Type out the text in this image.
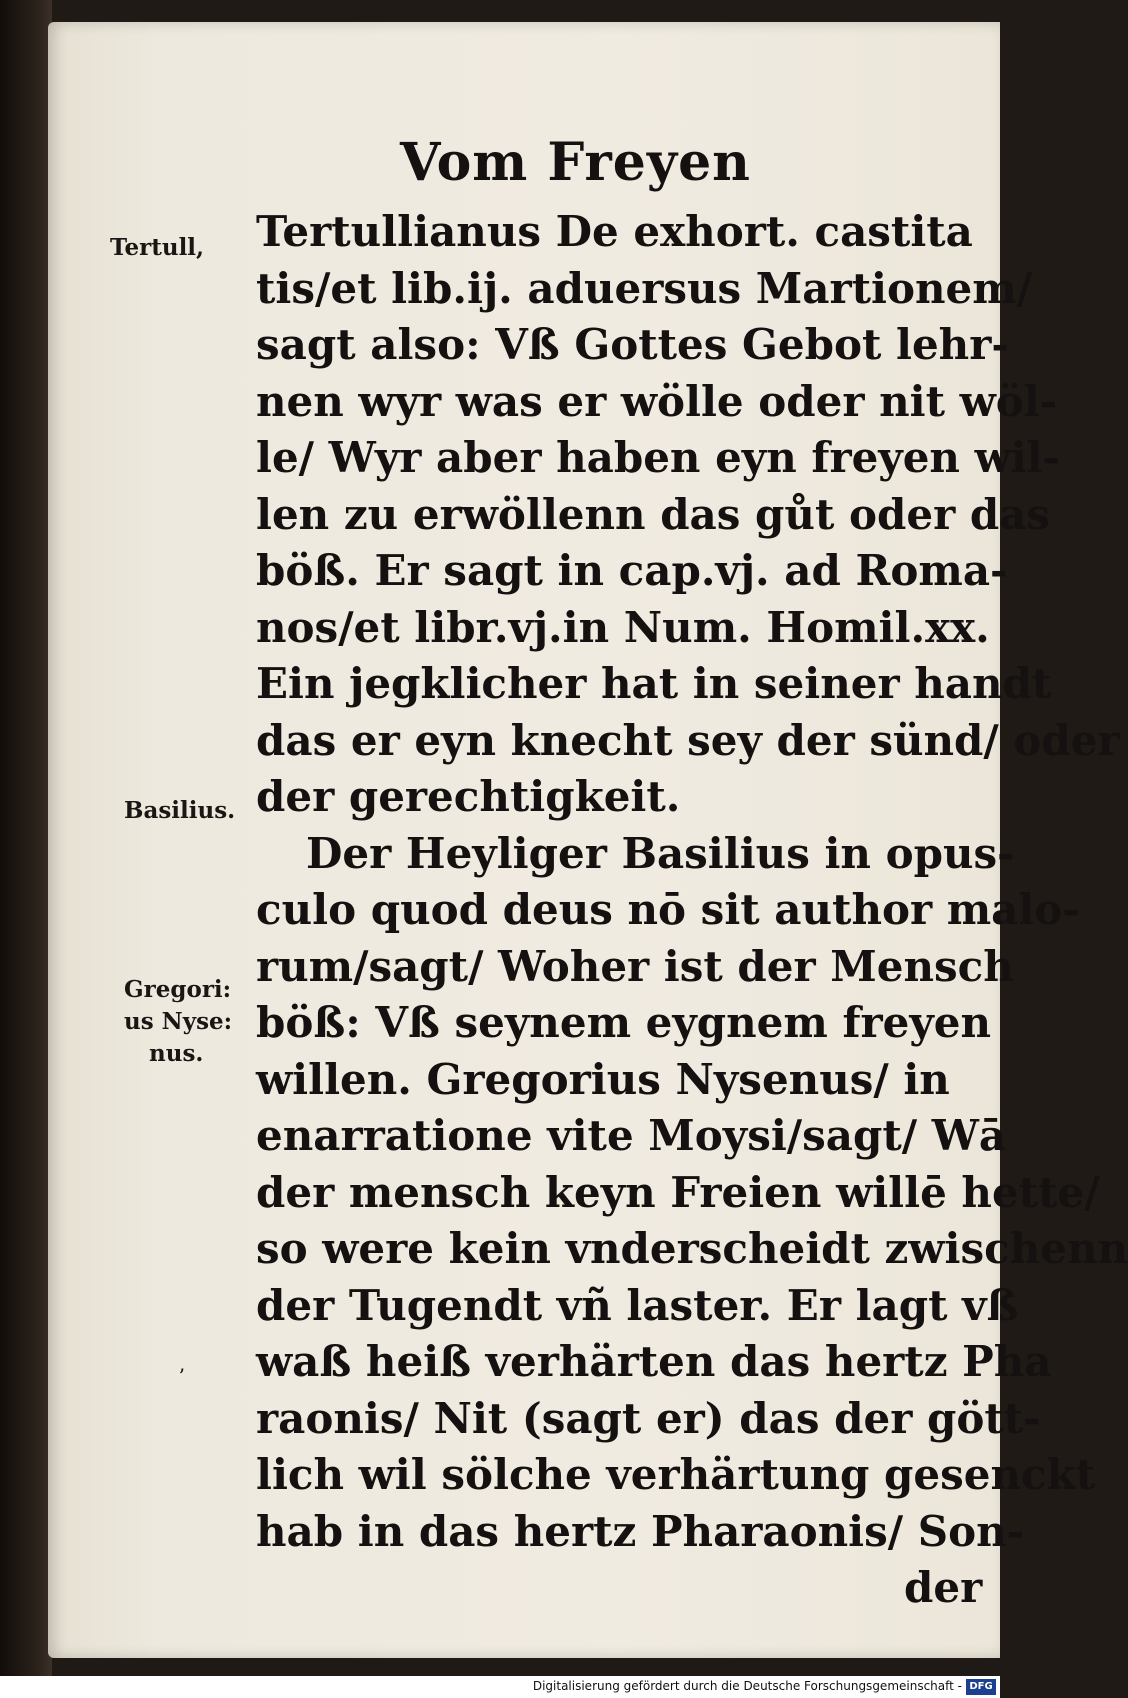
Vom Freyen
Tertull,
Basilius.
Gregori:
us Nyse:
nus.
Tertullianus De exhort. castita
tis/et lib.ij. aduersus Martionem/
sagt also: Vß Gottes Gebot lehr-
nen wyr was er wölle oder nit wöl-
le/ Wyr aber haben eyn freyen wil-
len zu erwöllenn das gůt oder das
böß. Er sagt in cap.vj. ad Roma-
nos/et libr.vj.in Num. Homil.xx.
Ein jegklicher hat in seiner handt
das er eyn knecht sey der sünd/ oder
der gerechtigkeit.
Der Heyliger Basilius in opus-
culo quod deus nō sit author malo-
rum/sagt/ Woher ist der Mensch
böß: Vß seynem eygnem freyen
willen. Gregorius Nysenus/ in
enarratione vite Moysi/sagt/ Wā
der mensch keyn Freien willē hette/
so were kein vnderscheidt zwischenn
der Tugendt vñ laster. Er lagt vß
waß heiß verhärten das hertz Pha
raonis/ Nit (sagt er) das der gött-
lich wil sölche verhärtung gesenckt
hab in das hertz Pharaonis/ Son-
der
ʼ
Digitalisierung gefördert durch die Deutsche Forschungsgemeinschaft - DFG
